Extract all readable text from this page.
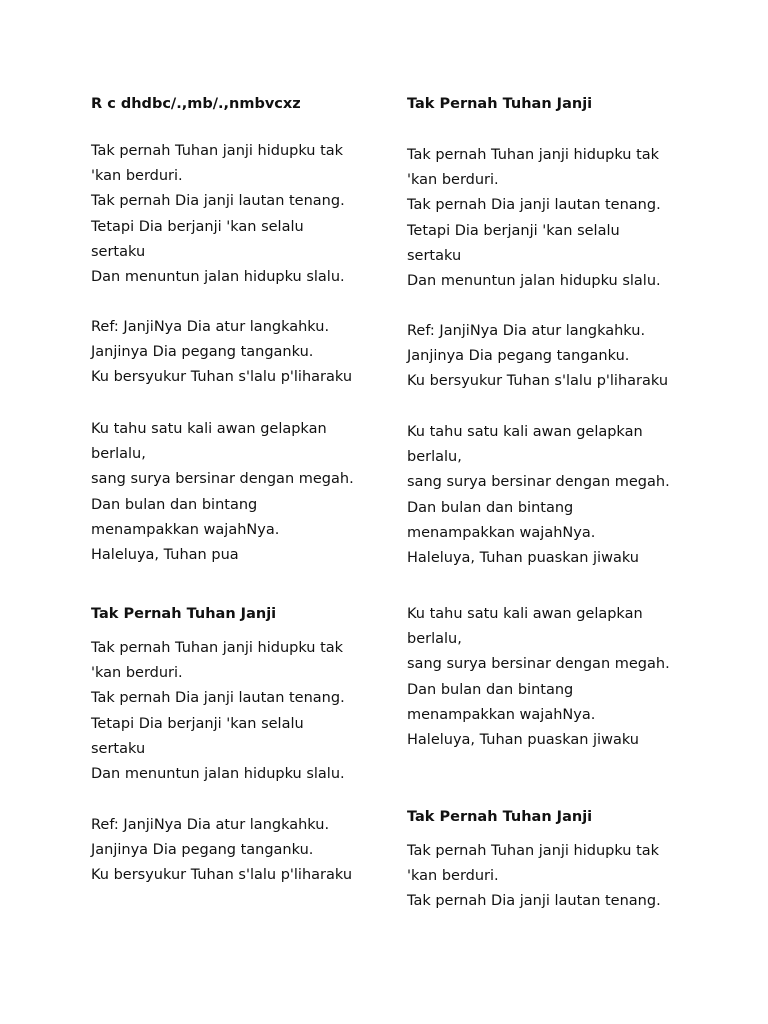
R c dhdbc/.,mb/.,nmbvcxz
Tak pernah Tuhan janji hidupku tak
'kan berduri.
Tak pernah Dia janji lautan tenang.
Tetapi Dia berjanji 'kan selalu
sertaku
Dan menuntun jalan hidupku slalu.
Ref: JanjiNya Dia atur langkahku.
Janjinya Dia pegang tanganku.
Ku bersyukur Tuhan s'lalu p'liharaku
Ku tahu satu kali awan gelapkan
berlalu,
sang surya bersinar dengan megah.
Dan bulan dan bintang
menampakkan wajahNya.
Haleluya, Tuhan pua
Tak Pernah Tuhan Janji
Tak pernah Tuhan janji hidupku tak
'kan berduri.
Tak pernah Dia janji lautan tenang.
Tetapi Dia berjanji 'kan selalu
sertaku
Dan menuntun jalan hidupku slalu.
Ref: JanjiNya Dia atur langkahku.
Janjinya Dia pegang tanganku.
Ku bersyukur Tuhan s'lalu p'liharaku
Tak Pernah Tuhan Janji
Tak pernah Tuhan janji hidupku tak
'kan berduri.
Tak pernah Dia janji lautan tenang.
Tetapi Dia berjanji 'kan selalu
sertaku
Dan menuntun jalan hidupku slalu.
Ref: JanjiNya Dia atur langkahku.
Janjinya Dia pegang tanganku.
Ku bersyukur Tuhan s'lalu p'liharaku
Ku tahu satu kali awan gelapkan
berlalu,
sang surya bersinar dengan megah.
Dan bulan dan bintang
menampakkan wajahNya.
Haleluya, Tuhan puaskan jiwaku
Ku tahu satu kali awan gelapkan
berlalu,
sang surya bersinar dengan megah.
Dan bulan dan bintang
menampakkan wajahNya.
Haleluya, Tuhan puaskan jiwaku
Tak Pernah Tuhan Janji
Tak pernah Tuhan janji hidupku tak
'kan berduri.
Tak pernah Dia janji lautan tenang.
